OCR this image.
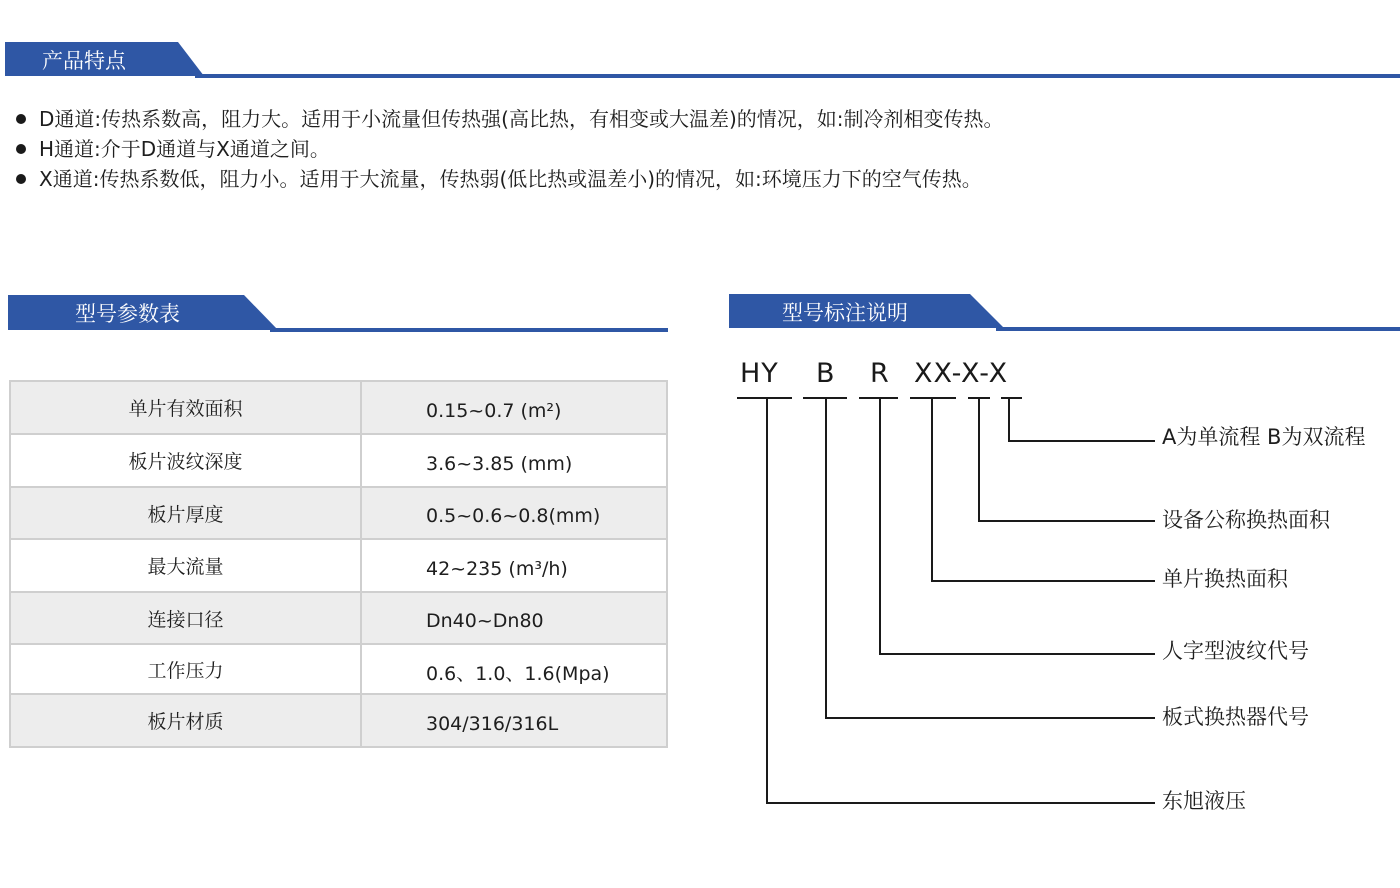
产品特点
D通道:传热系数高，阻力大。适用于小流量但传热强(高比热，有相变或大温差)的情况，如:制冷剂相变传热。
H通道:介于D通道与X通道之间。
X通道:传热系数低，阻力小。适用于大流量，传热弱(低比热或温差小)的情况，如:环境压力下的空气传热。
型号参数表
单片有效面积	0.15~0.7 (m²)
板片波纹深度	3.6~3.85 (mm)
板片厚度	0.5~0.6~0.8(mm)
最大流量	42~235 (m³/h)
连接口径	Dn40~Dn80
工作压力	0.6、1.0、1.6(Mpa)
板片材质	304/316/316L
型号标注说明
HY B R XX-X-X
A为单流程 B为双流程
设备公称换热面积
单片换热面积
人字型波纹代号
板式换热器代号
东旭液压
